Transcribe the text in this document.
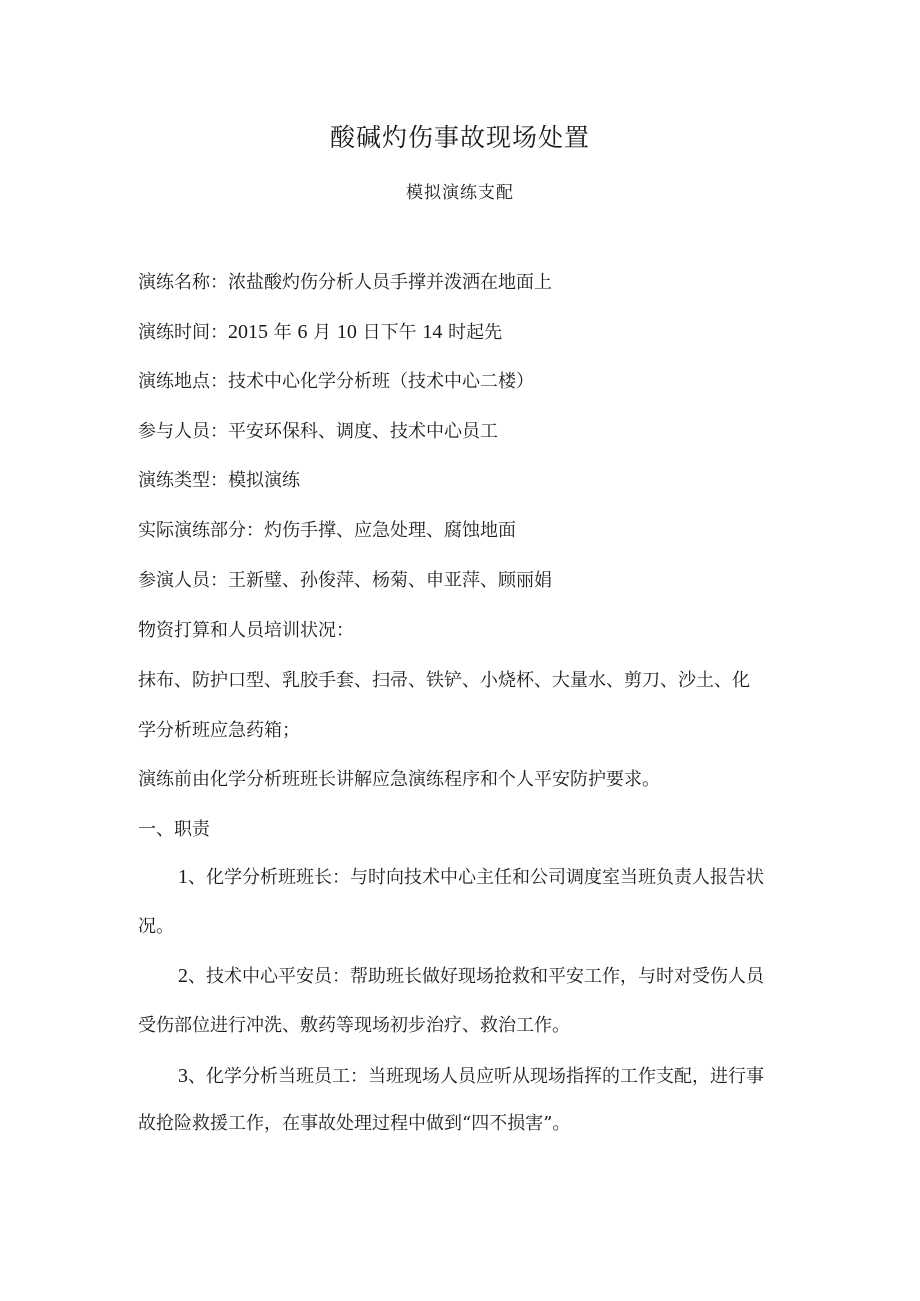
酸碱灼伤事故现场处置
模拟演练支配
演练名称：浓盐酸灼伤分析人员手撑并泼洒在地面上
演练时间：2015 年 6 月 10 日下午 14 时起先
演练地点：技术中心化学分析班（技术中心二楼）
参与人员：平安环保科、调度、技术中心员工
演练类型：模拟演练
实际演练部分：灼伤手撑、应急处理、腐蚀地面
参演人员：王新璧、孙俊萍、杨菊、申亚萍、顾丽娟
物资打算和人员培训状况：
抹布、防护口型、乳胶手套、扫帚、铁铲、小烧杯、大量水、剪刀、沙土、化
学分析班应急药箱；
演练前由化学分析班班长讲解应急演练程序和个人平安防护要求。
一、职责
1、化学分析班班长：与时向技术中心主任和公司调度室当班负责人报告状
况。
2、技术中心平安员：帮助班长做好现场抢救和平安工作，与时对受伤人员
受伤部位进行冲洗、敷药等现场初步治疗、救治工作。
3、化学分析当班员工：当班现场人员应听从现场指挥的工作支配，进行事
故抢险救援工作，在事故处理过程中做到“四不损害”。
